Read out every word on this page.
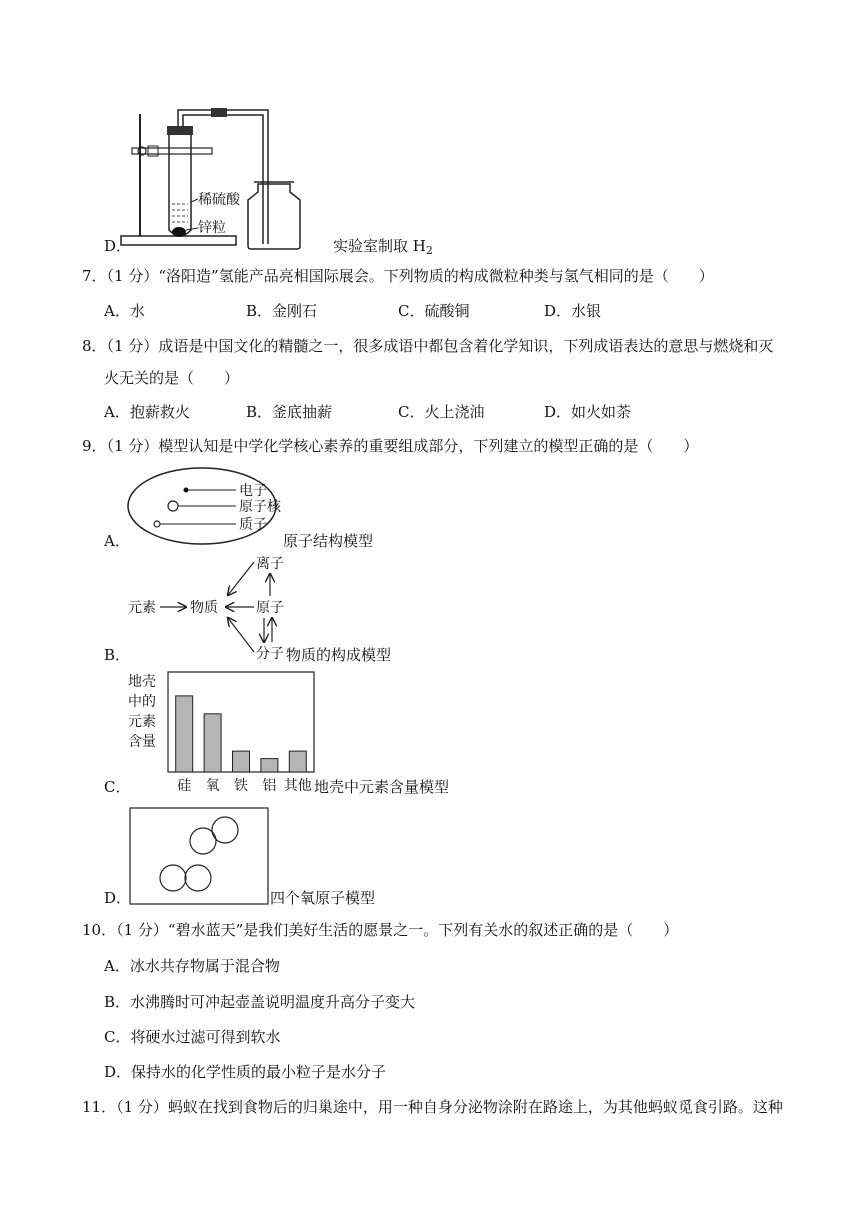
D．
稀硫酸
锌粒
实验室制取 $H_2$
7．（1 分）“洛阳造”氢能产品亮相国际展会。下列物质的构成微粒种类与氢气相同的是（　　）
A．水	B．金刚石	C．硫酸铜	D．水银
8．（1 分）成语是中国文化的精髓之一，很多成语中都包含着化学知识，下列成语表达的意思与燃烧和灭
火无关的是（　　）
A．抱薪救火	B．釜底抽薪	C．火上浇油	D．如火如荼
9．（1 分）模型认知是中学化学核心素养的重要组成部分，下列建立的模型正确的是（　　）
A．
电子
原子核
质子
原子结构模型
B．
离子
元素 物质	原子
分子 物质的构成模型
C．
地壳
中的
元素
含量
硅 氧 铁 铝 其他 地壳中元素含量模型
D．	四个氧原子模型
10．（1 分）“碧水蓝天”是我们美好生活的愿景之一。下列有关水的叙述正确的是（　　）
A．冰水共存物属于混合物
B．水沸腾时可冲起壶盖说明温度升高分子变大
C．将硬水过滤可得到软水
D．保持水的化学性质的最小粒子是水分子
11．（1 分）蚂蚁在找到食物后的归巢途中，用一种自身分泌物涂附在路途上，为其他蚂蚁觅食引路。这种
